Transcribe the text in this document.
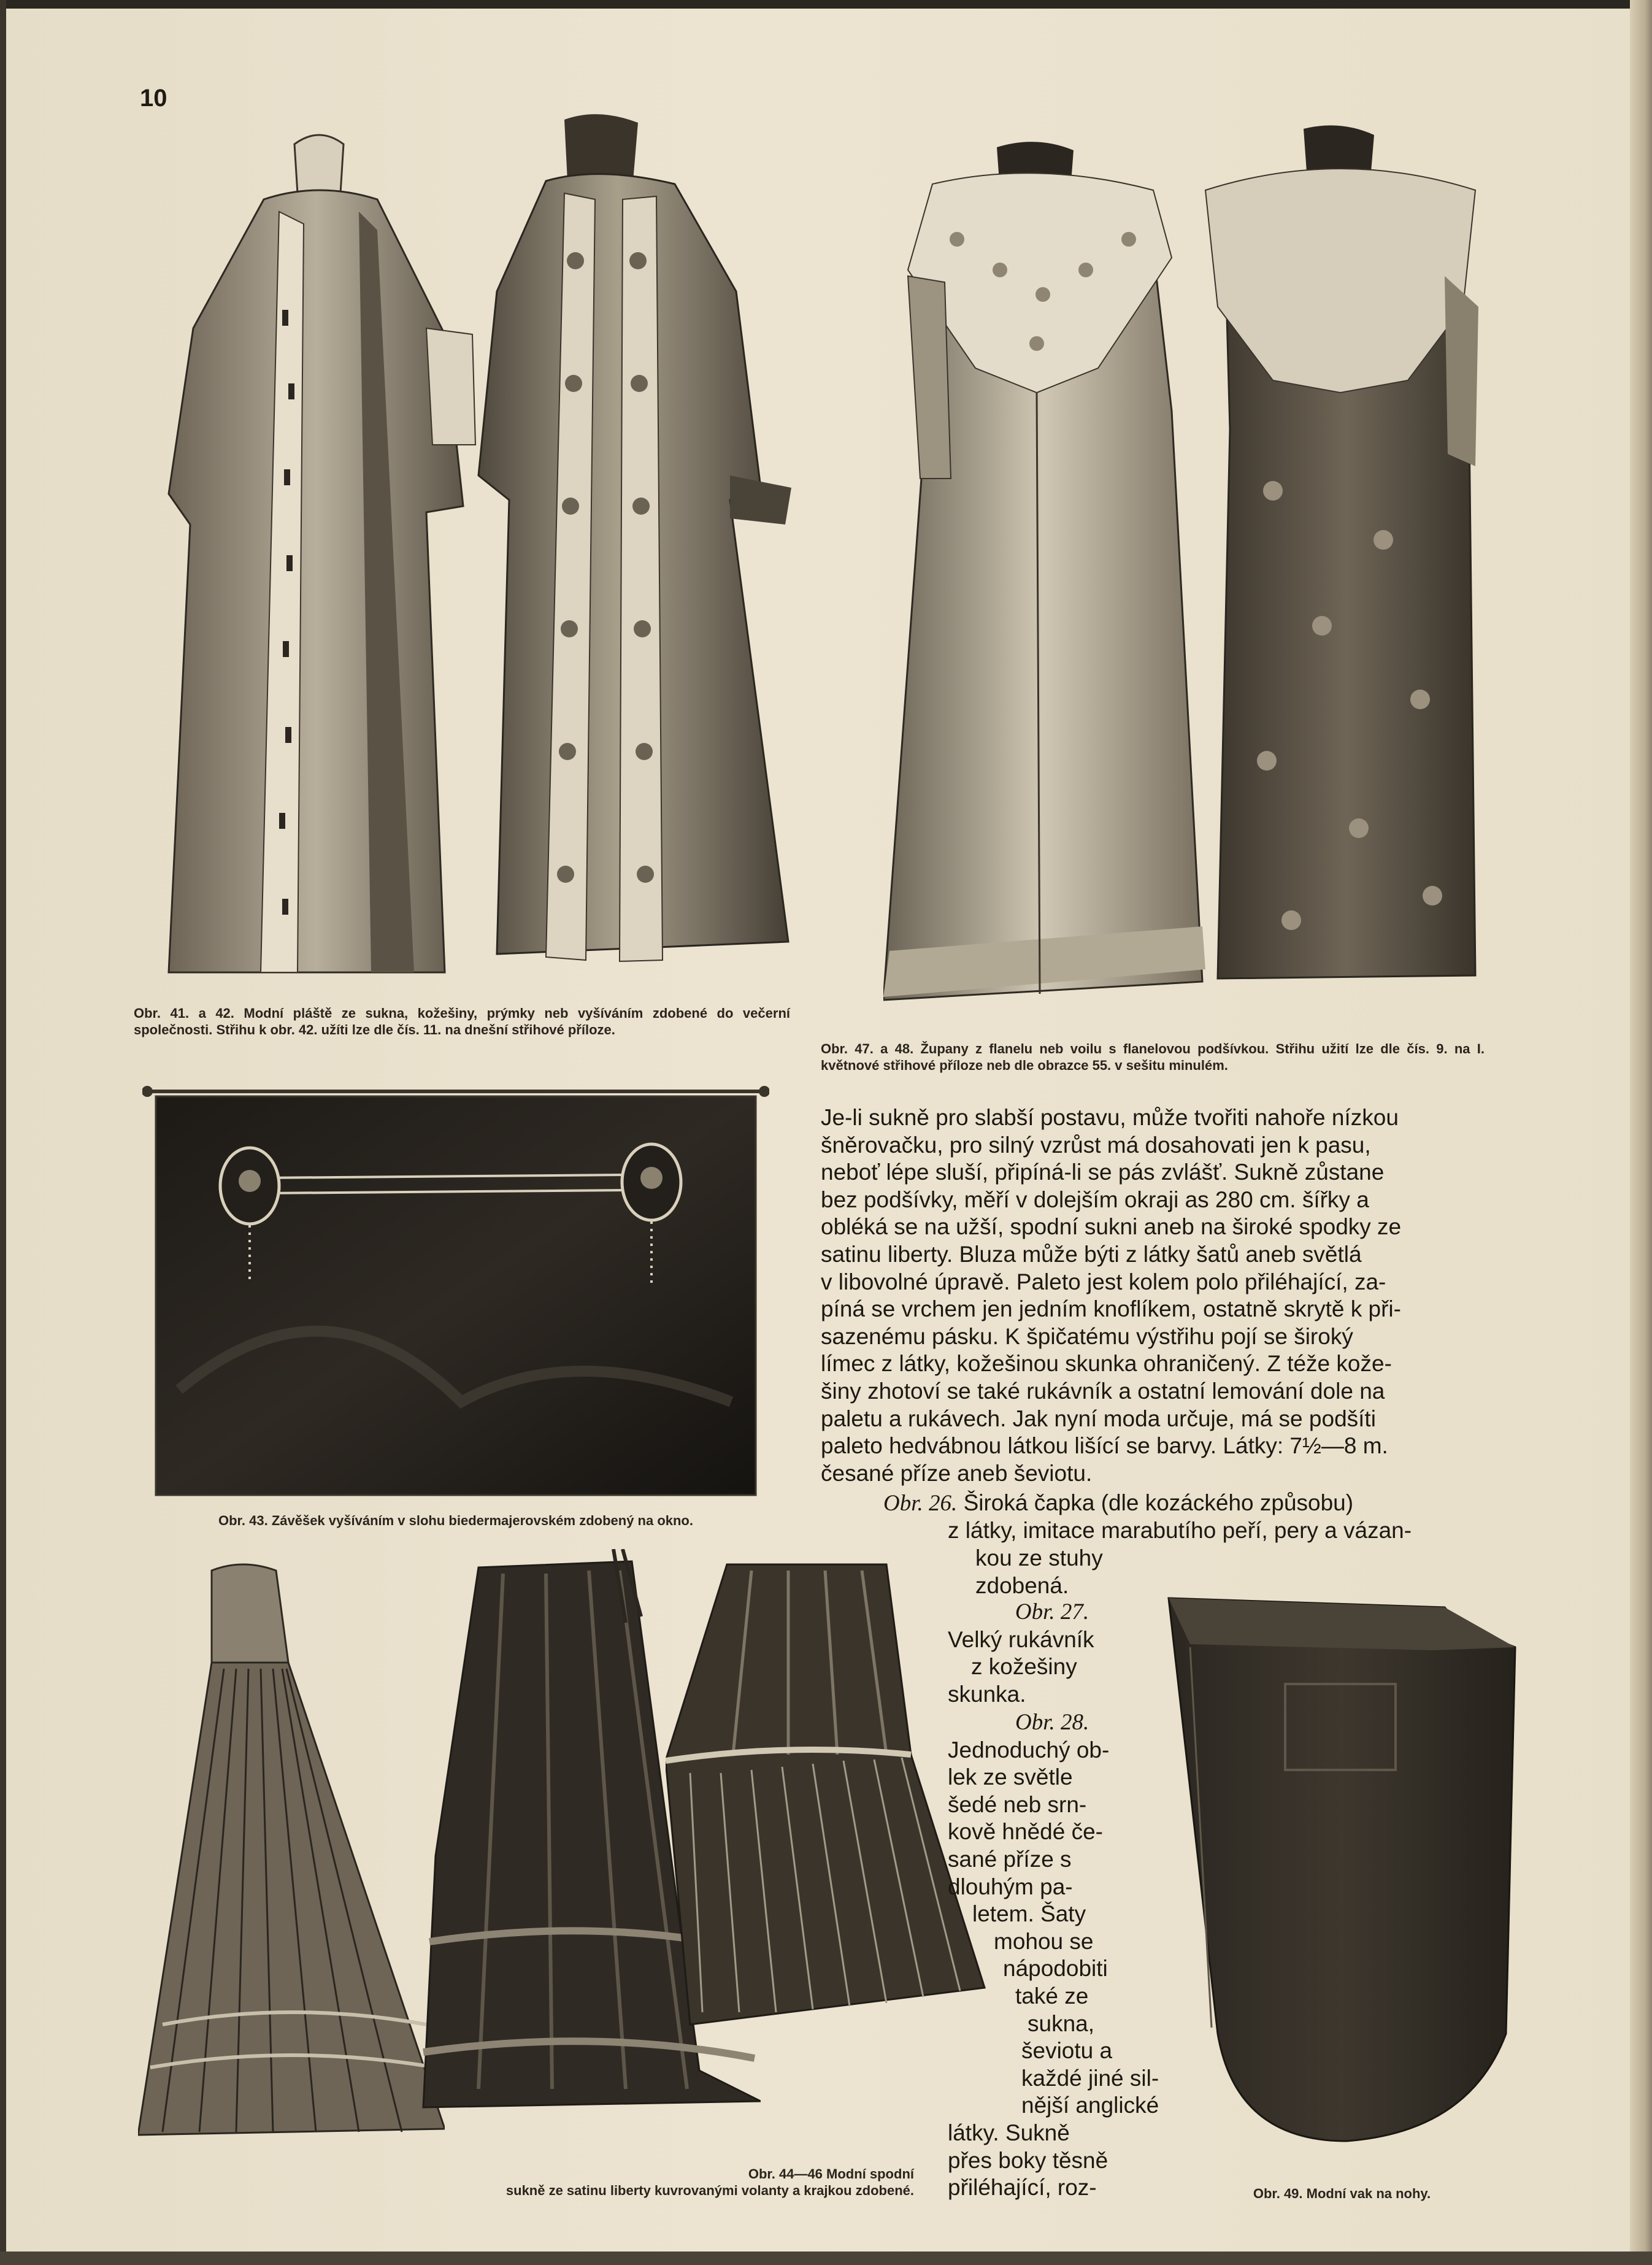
10
Obr. 41. a 42. Modní pláště ze sukna, kožešiny, prýmky neb vyšíváním zdobené do večerní společnosti. Střihu k obr. 42. užíti lze dle čís. 11. na dnešní střihové příloze.
Obr. 47. a 48. Župany z flanelu neb voilu s flanelovou podšívkou. Střihu užití lze dle čís. 9. na I. květnové střihové příloze neb dle obrazce 55. v sešitu minulém.
Obr. 43. Závěšek vyšíváním v slohu biedermajerovském zdobený na okno.
Obr. 44—46 Modní spodní
sukně ze satinu liberty kuvrovanými volanty a krajkou zdobené.	Obr. 49. Modní vak na nohy.
Je-li sukně pro slabší postavu, může tvořiti nahoře nízkou
šněrovačku, pro silný vzrůst má dosahovati jen k pasu,
neboť lépe sluší, připíná-li se pás zvlášť. Sukně zůstane
bez podšívky, měří v dolejším okraji as 280 cm. šířky a
obléká se na užší, spodní sukni aneb na široké spodky ze
satinu liberty. Bluza může býti z látky šatů aneb světlá
v libovolné úpravě. Paleto jest kolem polo přiléhající, za-
píná se vrchem jen jedním knoflíkem, ostatně skrytě k při-
sazenému pásku. K špičatému výstřihu pojí se široký
límec z látky, kožešinou skunka ohraničený. Z téže kože-
šiny zhotoví se také rukávník a ostatní lemování dole na
paletu a rukávech. Jak nyní moda určuje, má se podšíti
paleto hedvábnou látkou lišící se barvy. Látky: 7½—8 m.
česané příze aneb ševiotu.
Obr. 26. Široká čapka (dle kozáckého způsobu)
z látky, imitace marabutího peří, pery a vázan-
kou ze stuhy
zdobená.
Obr. 27.
Velký rukávník
z kožešiny
skunka.
Obr. 28.
Jednoduchý ob-
lek ze světle
šedé neb srn-
kově hnědé če-
sané příze s
dlouhým pa-
letem. Šaty
mohou se
nápodobiti
také ze
sukna,
ševiotu a
každé jiné sil-
nější anglické
látky. Sukně
přes boky těsně
přiléhající, roz-
